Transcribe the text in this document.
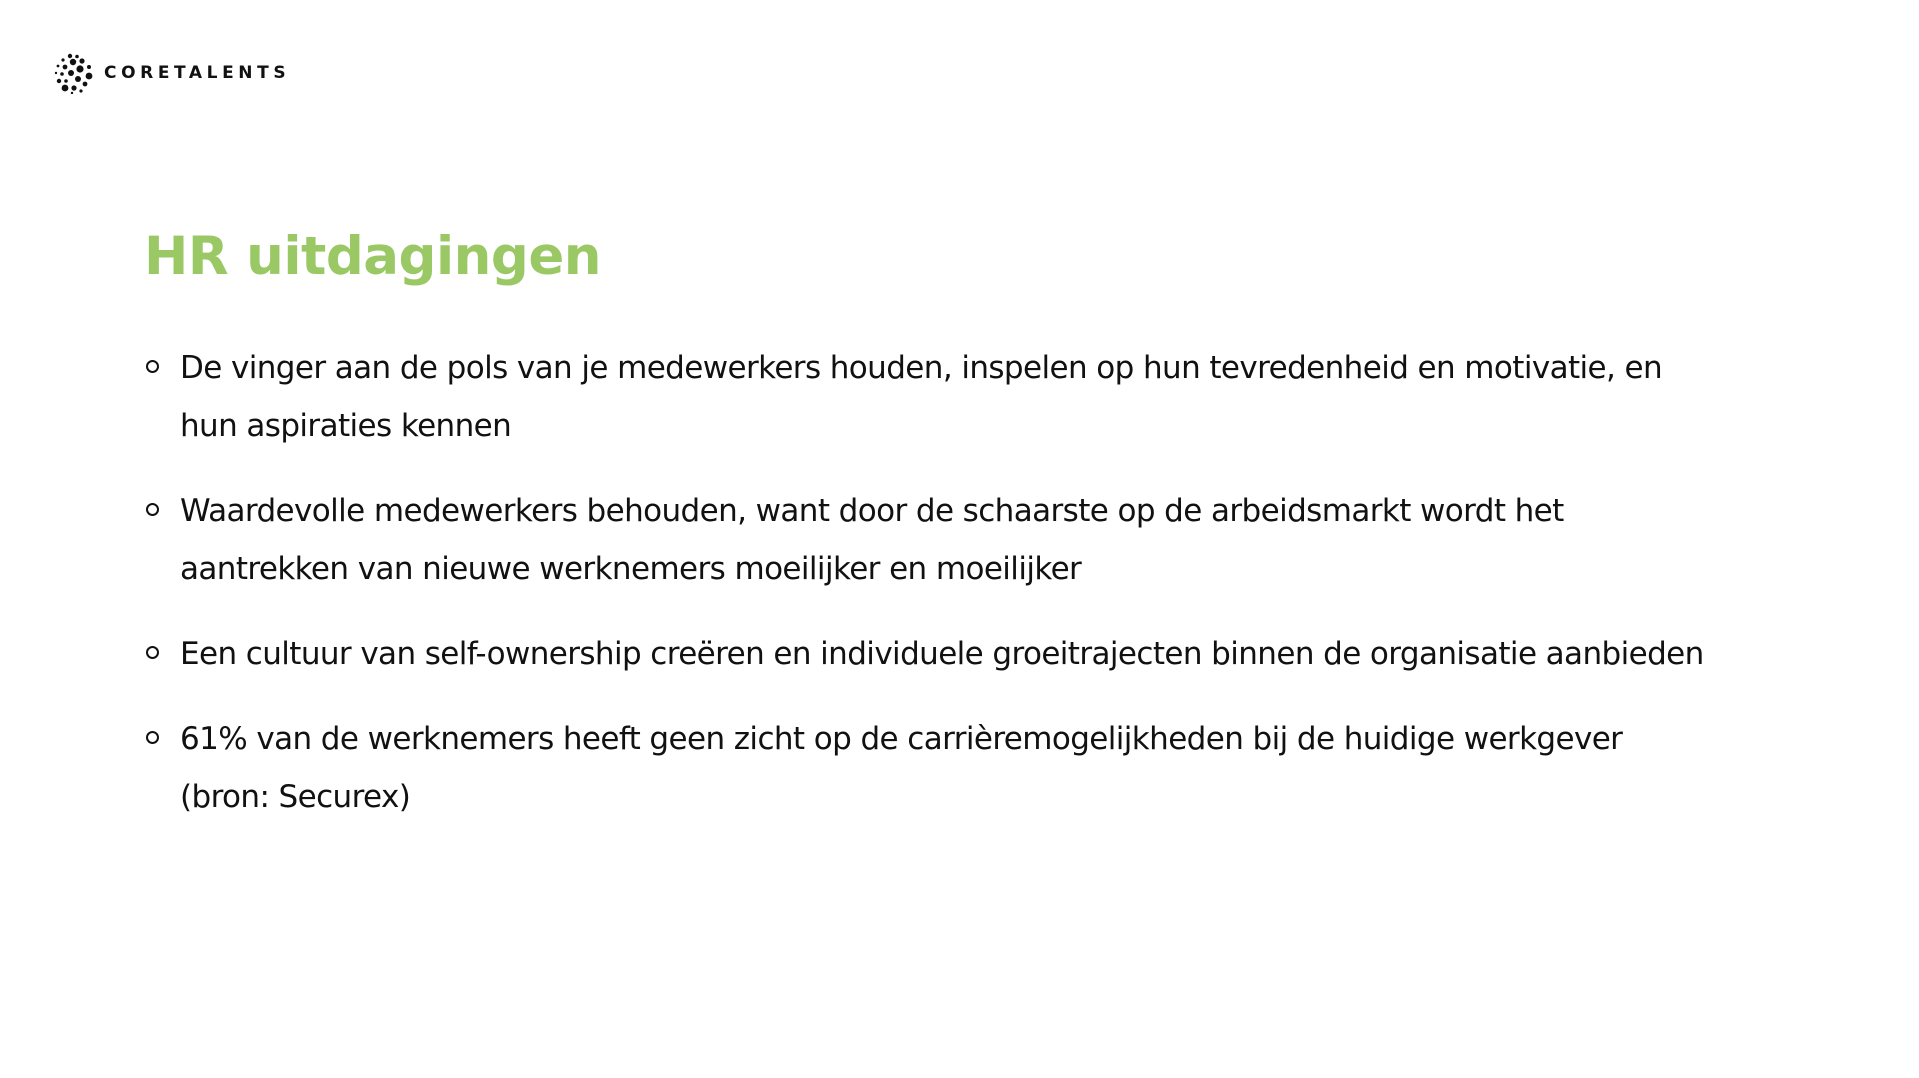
CORETALENTS
HR uitdagingen
De vinger aan de pols van je medewerkers houden, inspelen op hun tevredenheid en motivatie, en hun aspiraties kennen
Waardevolle medewerkers behouden, want door de schaarste op de arbeidsmarkt wordt het aantrekken van nieuwe werknemers moeilijker en moeilijker
Een cultuur van self-ownership creëren en individuele groeitrajecten binnen de organisatie aanbieden
61% van de werknemers heeft geen zicht op de carrièremogelijkheden bij de huidige werkgever (bron: Securex)
